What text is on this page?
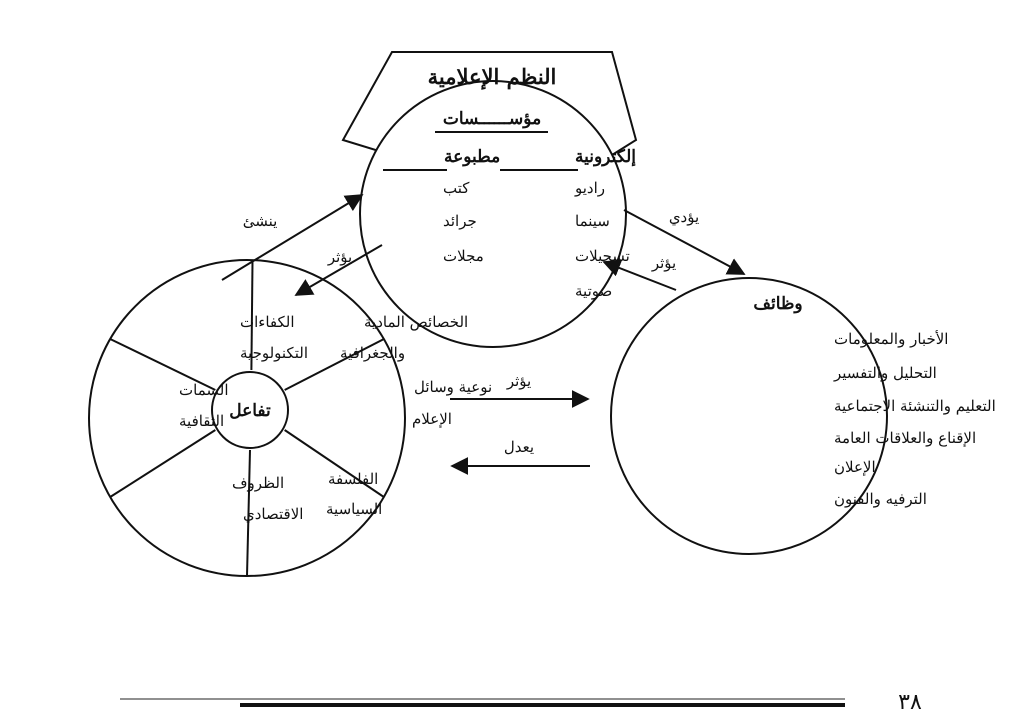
النظم الإعلامية
مؤســــــسات
إلكترونية
راديو
سينما
تسجيلات
صوتية
مطبوعة
كتب
جرائد
مجلات
وظائف
الأخبار والمعلومات
التحليل والتفسير
التعليم والتنشئة الاجتماعية
الإقناع والعلاقات العامة
الإعلان
الترفيه والفنون
تفاعل
الكفاءات
التكنولوجية
الخصائص المادية
والجغرافية
نوعية وسائل
الإعلام
الفلسفة
السياسية
الظروف
الاقتصادي
السمات
الثقافية
ينشئ
يؤثر
يؤدي
يؤثر
يؤثر
يعدل
٣٨
